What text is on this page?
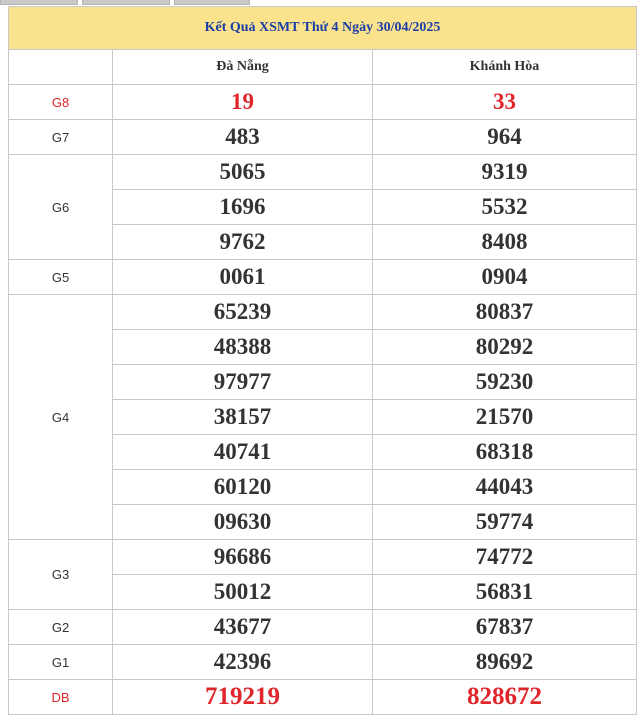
Kết Quả XSMT Thứ 4 Ngày 30/04/2025		
	Đà Nẵng	Khánh Hòa
G8	19	33
G7	483	964
G6	5065	9319
	1696	5532
	9762	8408
G5	0061	0904
G4	65239	80837
	48388	80292
	97977	59230
	38157	21570
	40741	68318
	60120	44043
	09630	59774
G3	96686	74772
	50012	56831
G2	43677	67837
G1	42396	89692
DB	719219	828672
